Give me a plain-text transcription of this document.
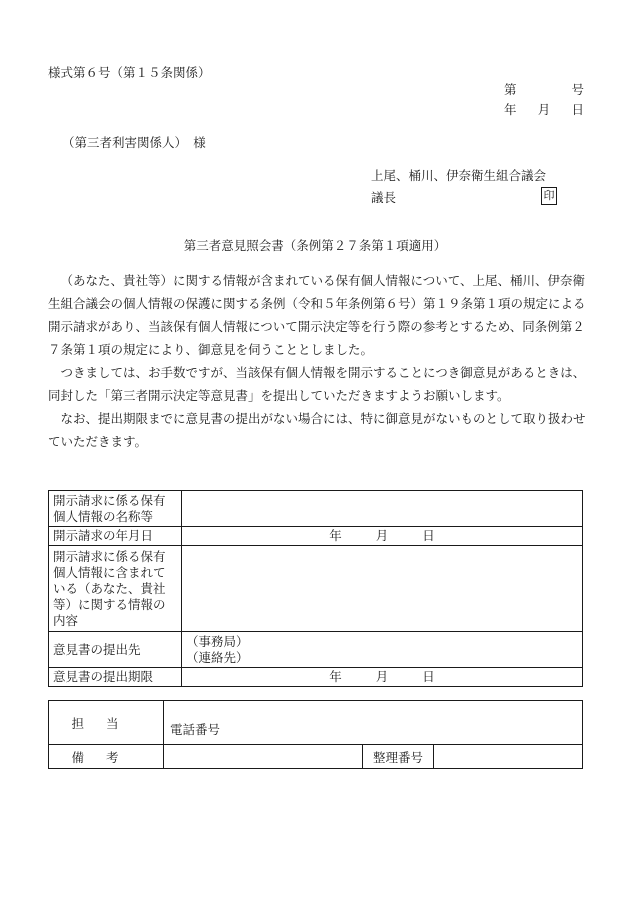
様式第６号（第１５条関係）
第	号
年 月 日
（第三者利害関係人）　様
上尾、桶川、伊奈衛生組合議会
議長	印
第三者意見照会書（条例第２７条第１項適用）

（あなた、貴社等）に関する情報が含まれている保有個人情報について、上尾、桶川、伊奈衛生組合議会の個人情報の保護に関する条例（令和５年条例第６号）第１９条第１項の規定による開示請求があり、当該保有個人情報について開示決定等を行う際の参考とするため、同条例第２７条第１項の規定により、御意見を伺うこととしました。

つきましては、お手数ですが、当該保有個人情報を開示することにつき御意見があるときは、同封した「第三者開示決定等意見書」を提出していただきますようお願いします。

なお、提出期限までに意見書の提出がない場合には、特に御意見がないものとして取り扱わせていただきます。

開示請求に係る保有個人情報の名称等	
開示請求の年月日	年 月 日
開示請求に係る保有個人情報に含まれている（あなた、貴社等）に関する情報の内容	
意見書の提出先	（事務局）
（連絡先）

意見書の提出期限	年 月 日
担当	電話番号		
備考		整理番号	
